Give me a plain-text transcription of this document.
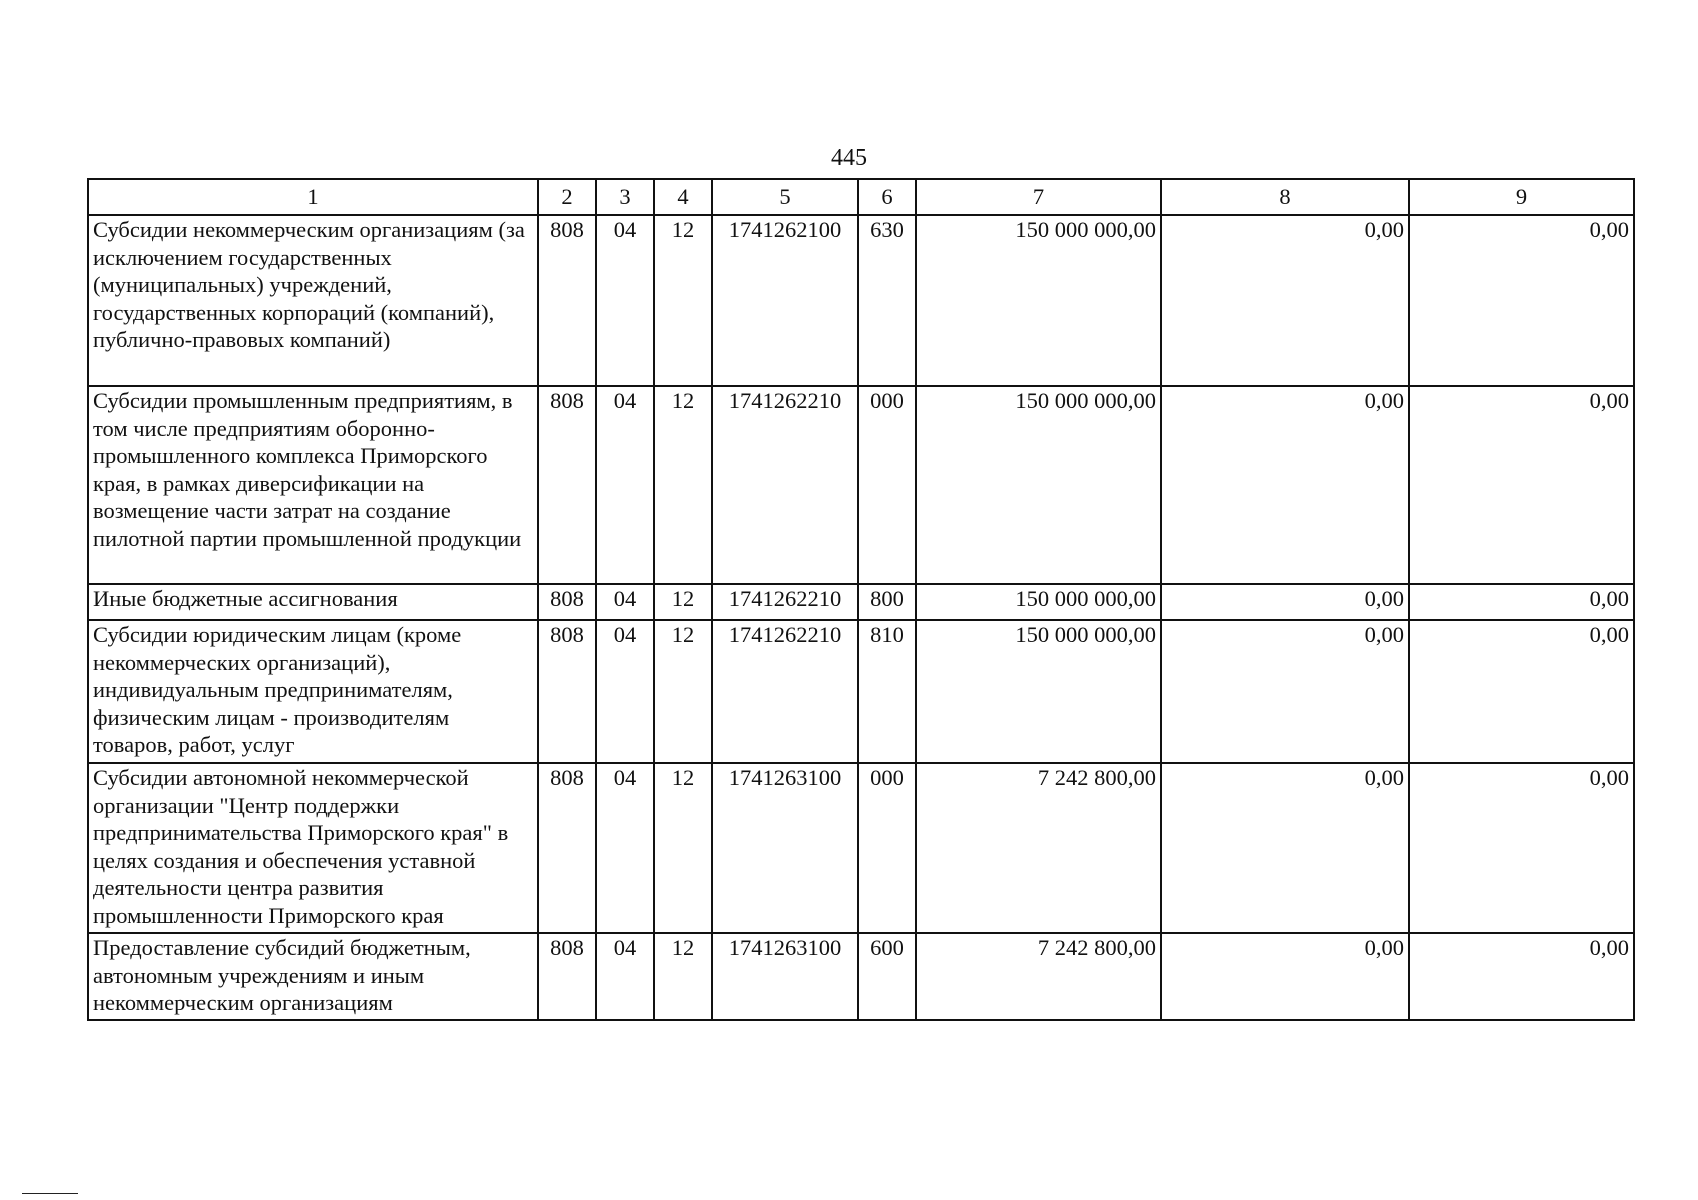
445
1	2	3	4	5	6	7	8	9
Субсидии некоммерческим организациям (за исключением государственных (муниципальных) учреждений, государственных корпораций (компаний), публично-правовых компаний)	808	04	12	1741262100	630	150 000 000,00	0,00	0,00
Субсидии промышленным предприятиям, в том числе предприятиям оборонно-промышленного комплекса Приморского края, в рамках диверсификации на возмещение части затрат на создание пилотной партии промышленной продукции	808	04	12	1741262210	000	150 000 000,00	0,00	0,00
Иные бюджетные ассигнования	808	04	12	1741262210	800	150 000 000,00	0,00	0,00
Субсидии юридическим лицам (кроме некоммерческих организаций), индивидуальным предпринимателям, физическим лицам - производителям товаров, работ, услуг	808	04	12	1741262210	810	150 000 000,00	0,00	0,00
Субсидии автономной некоммерческой организации "Центр поддержки предпринимательства Приморского края" в целях создания и обеспечения уставной деятельности центра развития промышленности Приморского края	808	04	12	1741263100	000	7 242 800,00	0,00	0,00
Предоставление субсидий бюджетным, автономным учреждениям и иным некоммерческим организациям	808	04	12	1741263100	600	7 242 800,00	0,00	0,00
